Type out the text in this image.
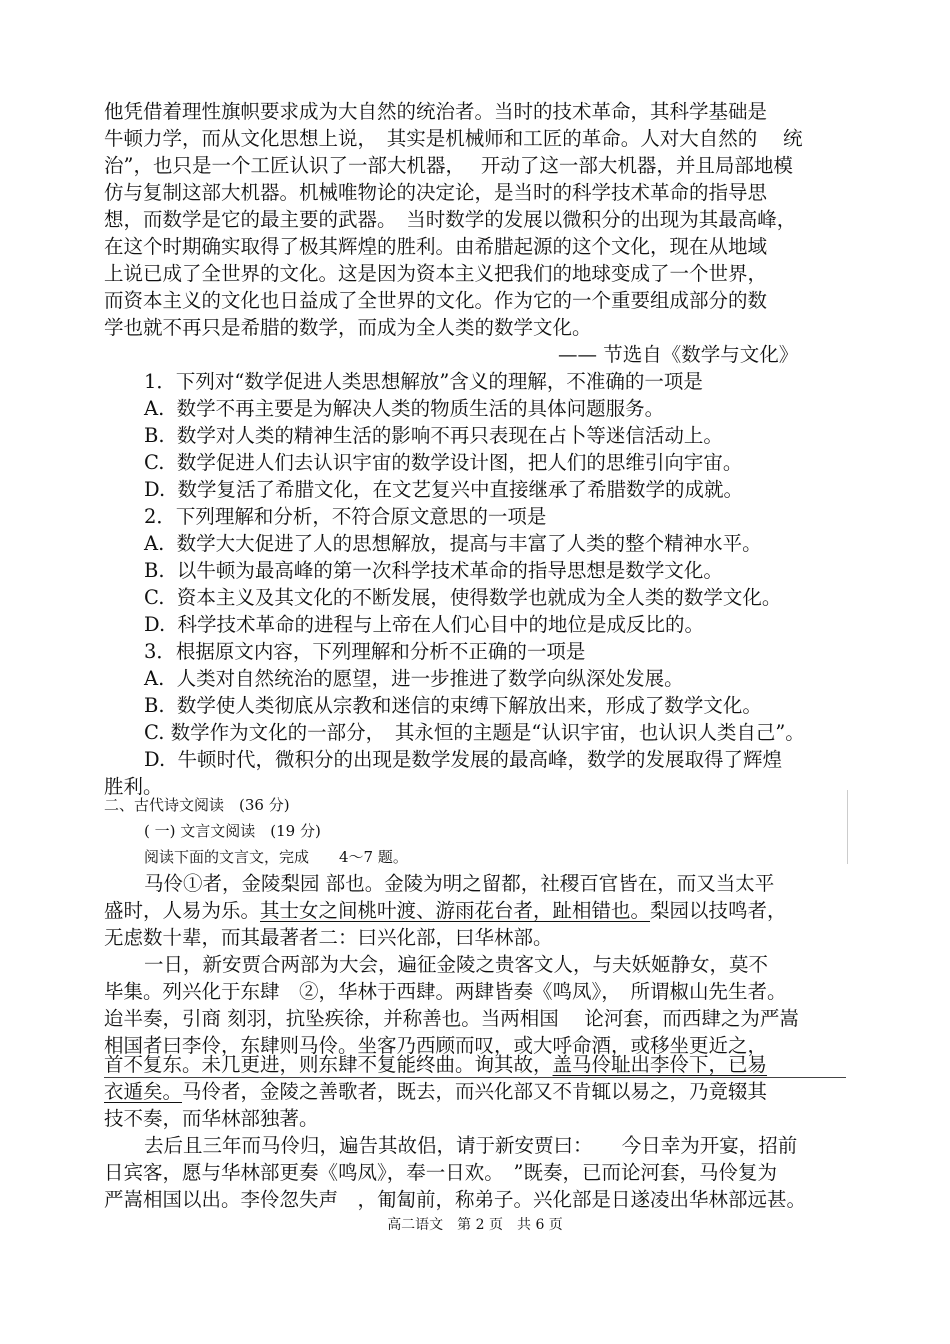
他凭借着理性旗帜要求成为大自然的统治者。当时的技术革命，其科学基础是
牛顿力学，而从文化思想上说，　其实是机械师和工匠的革命。人对大自然的　 统
治”，也只是一个工匠认识了一部大机器，　 开动了这一部大机器，并且局部地模
仿与复制这部大机器。机械唯物论的决定论，是当时的科学技术革命的指导思
想，而数学是它的最主要的武器。　当时数学的发展以微积分的出现为其最高峰，
在这个时期确实取得了极其辉煌的胜利。由希腊起源的这个文化，现在从地域
上说已成了全世界的文化。这是因为资本主义把我们的地球变成了一个世界，
而资本主义的文化也日益成了全世界的文化。作为它的一个重要组成部分的数
学也就不再只是希腊的数学，而成为全人类的数学文化。
—— 节选自《数学与文化》
1．下列对“数学促进人类思想解放”含义的理解，不准确的一项是
A.  数学不再主要是为解决人类的物质生活的具体问题服务。
B.  数学对人类的精神生活的影响不再只表现在占卜等迷信活动上。
C.  数学促进人们去认识宇宙的数学设计图，把人们的思维引向宇宙。
D.  数学复活了希腊文化，在文艺复兴中直接继承了希腊数学的成就。
2．下列理解和分析，不符合原文意思的一项是
A.  数学大大促进了人的思想解放，提高与丰富了人类的整个精神水平。
B.  以牛顿为最高峰的第一次科学技术革命的指导思想是数学文化。
C.  资本主义及其文化的不断发展，使得数学也就成为全人类的数学文化。
D.  科学技术革命的进程与上帝在人们心目中的地位是成反比的。
3．根据原文内容，下列理解和分析不正确的一项是
A.  人类对自然统治的愿望，进一步推进了数学向纵深处发展。
B.  数学使人类彻底从宗教和迷信的束缚下解放出来，形成了数学文化。
C. 数学作为文化的一部分，　其永恒的主题是“认识宇宙，也认识人类自己”。
D.  牛顿时代，微积分的出现是数学发展的最高峰，数学的发展取得了辉煌
胜利。
二、古代诗文阅读　(36 分)
( 一) 文言文阅读　(19 分)
阅读下面的文言文，完成　　4～7 题。
马伶①者，金陵梨园 部也。金陵为明之留都，社稷百官皆在，而又当太平
盛时，人易为乐。其士女之间桃叶渡、游雨花台者，趾相错也。梨园以技鸣者，
无虑数十辈，而其最著者二：曰兴化部，曰华林部。
一日，新安贾合两部为大会，遍征金陵之贵客文人，与夫妖姬静女，莫不
毕集。列兴化于东肆　②，华林于西肆。两肆皆奏《鸣凤》，　所谓椒山先生者。
迨半奏，引商 刻羽，抗坠疾徐，并称善也。当两相国　 论河套，而西肆之为严嵩
相国者曰李伶，东肆则马伶。坐客乃西顾而叹，或大呼命酒，或移坐更近之，
首不复东。未几更进，则东肆不复能终曲。询其故，盖马伶耻出李伶下，已易
衣遁矣。马伶者，金陵之善歌者，既去，而兴化部又不肯辄以易之，乃竟辍其
技不奏，而华林部独著。
去后且三年而马伶归，遍告其故侣，请于新安贾曰：　　今日幸为开宴，招前
日宾客，愿与华林部更奏《鸣凤》，奉一日欢。　”既奏，已而论河套，马伶复为
严嵩相国以出。李伶忽失声　，匍匐前，称弟子。兴化部是日遂凌出华林部远甚。
高二语文　第 2 页　共 6 页
